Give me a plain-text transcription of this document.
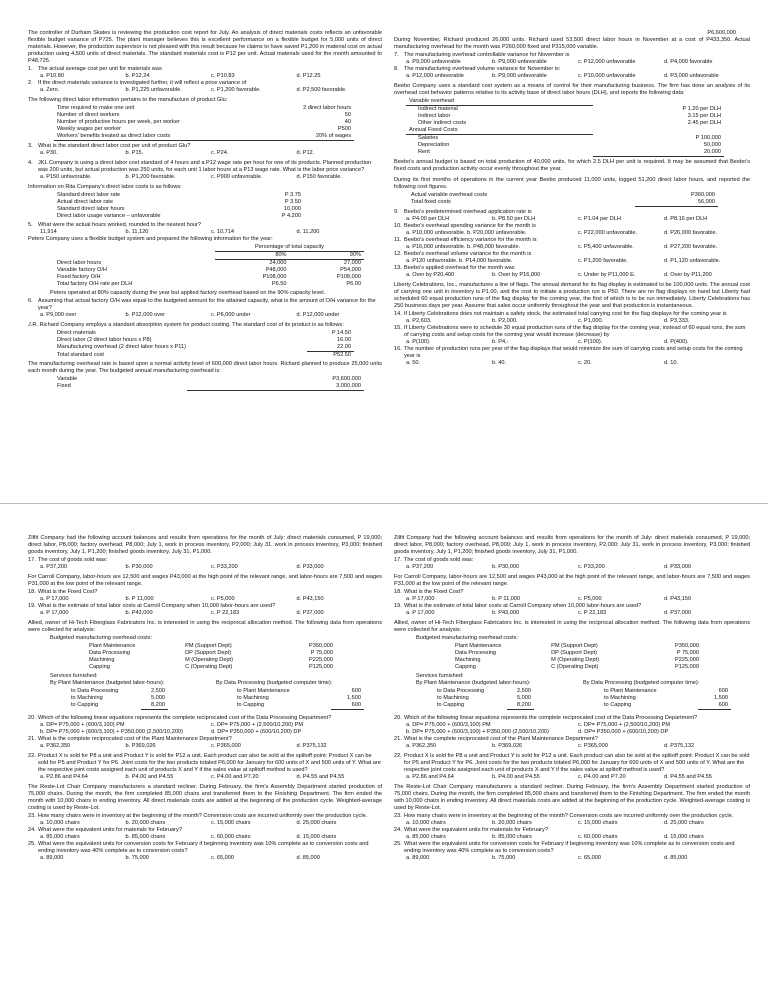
The controller of Durham Skates is reviewing the production cost report for July. An analysis of direct materials costs reflects an unfavorable flexible budget variance of P725. The plant manager believes this is excellent performance on a flexible budget for 5,000 units of direct materials. However, the production supervisor is not pleased with this result because he claims to have saved P1,200 in material cost on actual production using 4,500 units of direct materials. The standard materials cost is P12 per unit. Actual materials used for the month amounted to P48,725.

1. The actual average cost per unit for materials was
a. P10.80	b. P12.24	c. P10.83	d. P12.25
2. If the direct materials variance is investigated further, it will reflect a price variance of
a. Zero.	b. P1,225 unfavorable.	c. P1,200 favorable.	d. P2,500 favorable.

The following direct labor information pertains to the manufacture of product Glu:

Time required to make one unit	2 direct labor hours
Number of direct workers	50
Number of productive hours per week, per worker	40
Weekly wages per worker	P500
Workers' benefits treated as direct labor costs	20% of wages
3. What is the standard direct labor cost per unit of product Glu?
a. P30.	b. P15.	c. P24.	d. P12.
4. JKL Company is using a direct labor cost standard of 4 hours and a P12 wage rate per hour for one of its products. Planned production was 200 units, but actual production was 250 units, for each unit 1 labor hours at a P13 wage rate. What is the labor price variance?
a. P150 unfavorable.	b. P1,200 favorable.	c. P900 unfavorable.	d. P150 favorable.

Information on Rita Company's direct labor costs is as follows:

Standard direct labor rate	P 3.75
Actual direct labor rate	P 3.50
Standard direct labor hours	10,000
Direct labor usage variance – unfavorable	P 4,200
5. What were the actual hours worked, rounded to the nearest hour?
11,914	b. 11,120	c. 10,714	d. 11,200

Peters Company uses a flexible budget system and prepared the following information for the year:

	Percentage of total capacity	
	80%	90%
Direct labor hours	24,000	27,000
Variable factory O/H	P48,000	P54,000
Fixed factory O/H	P108,000	P108,000
Total factory O/H rate per DLH	P6.50	P6.00

Peters operated at 80% capacity during the year but applied factory overhead based on the 90% capacity level.

6. Assuming that actual factory O/H was equal to the budgeted amount for the attained capacity, what is the amount of O/H variance for the year?
a. P9,000 over	b. P12,000 over	c. P6,000 under	d. P12,000 under

J.R. Richard Company employs a standard absorption system for product costing. The standard cost of its product is as follows:

Direct materials	P 14.50
Direct labor (2 direct labor hours x P8)	16.00
Manufacturing overhead (2 direct labor hours x P11)	22.00
Total standard cost	P52.50

The manufacturing overhead rate is based upon a normal activity level of 600,000 direct labor hours. Richard planned to produce 25,000 units each month during the year. The budgeted annual manufacturing overhead is:

Variable	P3,600,000
Fixed	3,000,000
P6,600,000

During November, Richard produced 26,000 units. Richard used 53,500 direct labor hours in November at a cost of P433,350. Actual manufacturing overhead for the month was P260,000 fixed and P315,000 variable.

7. The manufacturing overhead controllable variance for November is
a. P9,000 unfavorable	b. P9,000 unfavorable	c. P12,000 unfavorable	d. P4,000 favorable
8. The manufacturing overhead volume variance for November is:
a. P12,000 unfavorable	b. P9,000 unfavorable	c. P10,000 unfavorable	d. P3,000 unfavorable

Beebo Company uses a standard cost system as a means of control for their manufacturing business. The firm has done an analysis of its overhead cost behavior patterns relative to its activity base of direct labor hours (DLH), and reports the following data:

Variable overhead	
Indirect material	P 1.20 per DLH
Indirect labor	3.15 per DLH
Other indirect costs	2.45 per DLH
Annual Fixed Costs	
Salaries	P 100,000
Depreciation	50,000
Rent	20,000

Beebo's annual budget is based on total production of 40,000 units, for which 2.5 DLH per unit is required. It may be assumed that Beebo's fixed costs and production activity occur evenly throughout the year.

During its first months of operations in the current year Beebo produced 11,000 units, logged 51,200 direct labor hours, and reported the following cost figures.

Actual variable overhead costs	P360,000
Total fixed costs	56,000
9. Beebo's predetermined overhead application rate is
a. P4.00 per DLH	b. P8.50 per DLH	c. P1.04 per DLH	d. P8.16 per DLH
10. Beebo's overhead spending variance for the month is
a. P10,000 unfavorable. b. P20,000 unfavorable.	c. P22,000 unfavorable.	d. P26,000 favorable.
11. Beebo's overhead efficiency variance for the month is
a. P16,000 unfavorable. b. P48,000 favorable.	c. P5,400 unfavorable.	d. P27,200 favorable.
12. Beebo's overhead volume variance for the month is
a. P120 unfavorable. b. P14,000 favorable.	c. P1,200 favorable.	d. P1,120 unfavorable.
13. Beebo's applied overhead for the month was
a. Over by P20,400	b. Over by P16,000	c. Under by P11,000 E.	d. Over by P11,200

Liberty Celebrations, Inc., manufactures a line of flags. The annual demand for its flag display is estimated to be 100,000 units. The annual cost of carrying one unit in inventory is P1.00, and the cost to initiate a production run is P50. There are no flag displays on hand but Liberty had scheduled 60 equal production runs of the flag display for the coming year, the first of which is to be run immediately. Liberty Celebrations has 250 business days per year. Assume that sales occur uniformly throughout the year and that production is instantaneous.

14. If Liberty Celebrations does not maintain a safety stock, the estimated total carrying cost for the flag displays for the coming year is
a. P2,603.	b. P2,000.	c. P1,000.	d. P3,333.
15. If Liberty Celebrations were to schedule 30 equal production runs of the flag display for the coming year, instead of 60 equal runs, the sum of carrying costs and setup costs for the coming year would increase (decrease) by
a. P(100).	b. P4,-	c. P(100).	d. P(400).
16. The number of production runs per year of the flag displays that would minimize the sum of carrying costs and setup costs for the coming year is
a. 50.	b. 40.	c. 20.	d. 10.

Zilfit Company had the following account balances and results from operations for the month of July: direct materials consumed, P 19,000; direct labor, P8,000; factory overhead, P8,000; July 1, work in process inventory, P2,000; July 31, work in process inventory, P3,000; finished goods inventory, July 1, P1,200; finished goods inventory, July 31, P1,000.

17. The cost of goods sold was:
a. P37,200	b. P30,000	c. P33,200	d. P33,000

For Carroll Company, labor-hours are 12,500 and wages P43,000 at the high point of the relevant range, and labor-hours are 7,500 and wages P31,000 at the low point of the relevant range.

18. What is the Fixed Cost?
a. P 17,000	b. P 11,000	c. P5,000	d. P43,150
19. What is the estimate of total labor costs at Carroll Company when 10,000 labor-hours are used?
a. P 17,000	b. P43,000	c. P 22,183	d. P37,000

Allied, owner of Hi-Tech Fiberglass Fabricators Inc. is interested in using the reciprocal allocation method. The following data from operations were collected for analysis:

Budgeted manufacturing overhead costs:
Plant Maintenance	PM (Support Dept)	P350,000
Data Processing	DP (Support Dept)	P 75,000
Machining	M (Operating Dept)	P225,000
Capping	C (Operating Dept)	P125,000
Services furnished:
By Plant Maintenance (budgeted labor-hours):
to Data Processing	2,500
to Machining	5,000
to Capping	8,200
By Data Processing (budgeted computer time):
to Plant Maintenance	600
to Machining	1,500
to Capping	600
20. Which of the following linear equations represents the complete reciprocated cost of the Data Processing Department?
a. DP= P75,000 + (600/3,100) PM	c. DP= P75,000 + (2,500/10,200) PM
b. DP= P75,000 + (600/3,100) + P350,000 (2,500/10,200)	d. DP= P350,000 + (600/10,200) DP
21. What is the complete reciprocated cost of the Plant Maintenance Department?
a. P362,350	b. P369,026	c. P365,000	d. P375,132
22. Product X is sold for P8 a unit and Product Y is sold for P12 a unit. Each product can also be sold at the splitoff point: Product X can be sold for P5 and Product Y for P6. Joint costs for the two products totaled P6,000 for January for 600 units of X and 500 units of Y. What are the respective joint costs assigned each unit of products X and Y if the sales value at splitoff method is used?
a. P2.86 and P4.64	b. P4.00 and P4.55	c. P4.00 and P7.20	d. P4.55 and P4.55

The Reste-Lot Chair Company manufacturers a standard recliner. During February, the firm's Assembly Department started production of 75,000 chairs. During the month, the firm completed 85,000 chairs and transferred them to the Finishing Department. The firm ended the month with 10,000 chairs in ending inventory. All direct materials costs are added at the beginning of the production cycle. Weighted-average costing is used by Reste-Lot.

23. How many chairs were in inventory at the beginning of the month? Conversion costs are incurred uniformly over the production cycle.
a. 10,000 chairs	b. 20,000 chairs	c. 15,000 chairs	d. 25,000 chairs
24. What were the equivalent units for materials for February?
a. 85,000 chairs	b. 85,000 chairs	c. 60,000 chairs	d. 15,000 chairs
25. What were the equivalent units for conversion costs for February if beginning inventory was 10% complete as to conversion costs and ending inventory was 40% complete as to conversion costs?
a. 89,000	b. 75,000	c. 65,000	d. 85,000

Zilfit Company had the following account balances and results from operations for the month of July: direct materials consumed, P 19,000; direct labor, P8,000; factory overhead, P8,000; July 1, work in process inventory, P2,000; July 31, work in process inventory, P3,000; finished goods inventory, July 1, P1,200; finished goods inventory, July 31, P1,000.

17. The cost of goods sold was:
a. P37,200	b. P30,000	c. P33,200	d. P33,000

For Carroll Company, labor-hours are 12,500 and wages P43,000 at the high point of the relevant range, and labor-hours are 7,500 and wages P31,000 at the low point of the relevant range.

18. What is the Fixed Cost?
a. P 17,000	b. P 11,000	c. P5,000	d. P43,150
19. What is the estimate of total labor costs at Carroll Company when 10,000 labor-hours are used?
a. P 17,000	b. P43,000	c. P 22,183	d. P37,000

Allied, owner of Hi-Tech Fiberglass Fabricators Inc. is interested in using the reciprocal allocation method. The following data from operations were collected for analysis:

Budgeted manufacturing overhead costs:
Plant Maintenance	PM (Support Dept)	P350,000
Data Processing	DP (Support Dept)	P 75,000
Machining	M (Operating Dept)	P225,000
Capping	C (Operating Dept)	P125,000
Services furnished:
By Plant Maintenance (budgeted labor-hours):
to Data Processing	2,500
to Machining	5,000
to Capping	8,200
By Data Processing (budgeted computer time):
to Plant Maintenance	600
to Machining	1,500
to Capping	600
20. Which of the following linear equations represents the complete reciprocated cost of the Data Processing Department?
a. DP= P75,000 + (600/3,100) PM	c. DP= P75,000 + (2,500/10,200) PM
b. DP= P75,000 + (600/3,100) + P350,000 (2,500/10,200)	d. DP= P350,000 + (600/10,200) DP
21. What is the complete reciprocated cost of the Plant Maintenance Department?
a. P362,350	b. P369,026	c. P365,000	d. P375,132
22. Product X is sold for P8 a unit and Product Y is sold for P12 a unit. Each product can also be sold at the splitoff point: Product X can be sold for P5 and Product Y for P6. Joint costs for the two products totaled P6,000 for January for 600 units of X and 500 units of Y. What are the respective joint costs assigned each unit of products X and Y if the sales value at splitoff method is used?
a. P2.86 and P4.64	b. P4.00 and P4.55	c. P4.00 and P7.20	d. P4.55 and P4.55

The Reste-Lot Chair Company manufacturers a standard recliner. During February, the firm's Assembly Department started production of 75,000 chairs. During the month, the firm completed 85,000 chairs and transferred them to the Finishing Department. The firm ended the month with 10,000 chairs in ending inventory. All direct materials costs are added at the beginning of the production cycle. Weighted-average costing is used by Reste-Lot.

23. How many chairs were in inventory at the beginning of the month? Conversion costs are incurred uniformly over the production cycle.
a. 10,000 chairs	b. 20,000 chairs	c. 15,000 chairs	d. 25,000 chairs
24. What were the equivalent units for materials for February?
a. 85,000 chairs	b. 85,000 chairs	c. 60,000 chairs	d. 15,000 chairs
25. What were the equivalent units for conversion costs for February if beginning inventory was 10% complete as to conversion costs and ending inventory was 40% complete as to conversion costs?
a. 89,000	b. 75,000	c. 65,000	d. 85,000
